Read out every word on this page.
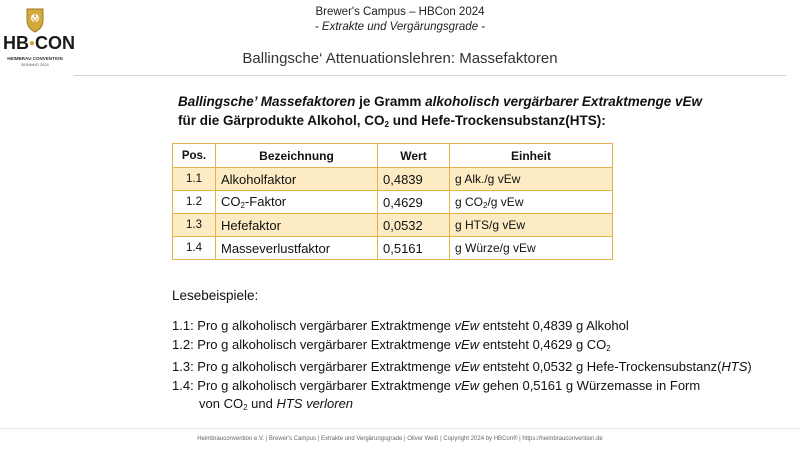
HB●CON
HEIMBRAU CONVENTION
BONNHO 2024
Brewer's Campus – HBCon 2024
- Extrakte und Vergärungsgrade -
Ballingsche‘ Attenuationslehren: Massefaktoren
Ballingsche’ Massefaktoren je Gramm alkoholisch vergärbarer Extraktmenge vEw
für die Gärprodukte Alkohol, $CO_2$ und Hefe-Trockensubstanz(HTS):
Pos.	Bezeichnung	Wert	Einheit
1.1	Alkoholfaktor	0,4839	g Alk./g vEw
1.2	$CO_2$-Faktor	0,4629	g $CO_2/g$ vEw
1.3	Hefefaktor	0,0532	g HTS/g vEw
1.4	Masseverlustfaktor	0,5161	g Würze/g vEw
Lesebeispiele:
1.1: Pro g alkoholisch vergärbarer Extraktmenge vEw entsteht 0,4839 g Alkohol
1.2: Pro g alkoholisch vergärbarer Extraktmenge vEw entsteht 0,4629 g $CO_2$
1.3: Pro g alkoholisch vergärbarer Extraktmenge vEw entsteht 0,0532 g Hefe-Trockensubstanz(HTS)
1.4: Pro g alkoholisch vergärbarer Extraktmenge vEw gehen 0,5161 g Würzemasse in Form
von $CO_2$ und HTS verloren
Heimbrauconvention e.V. | Brewer's Campus | Extrakte und Vergärungsgrade | Oliver Weiß | Copyright 2024 by HBCon® | https://heimbrauconvention.de
